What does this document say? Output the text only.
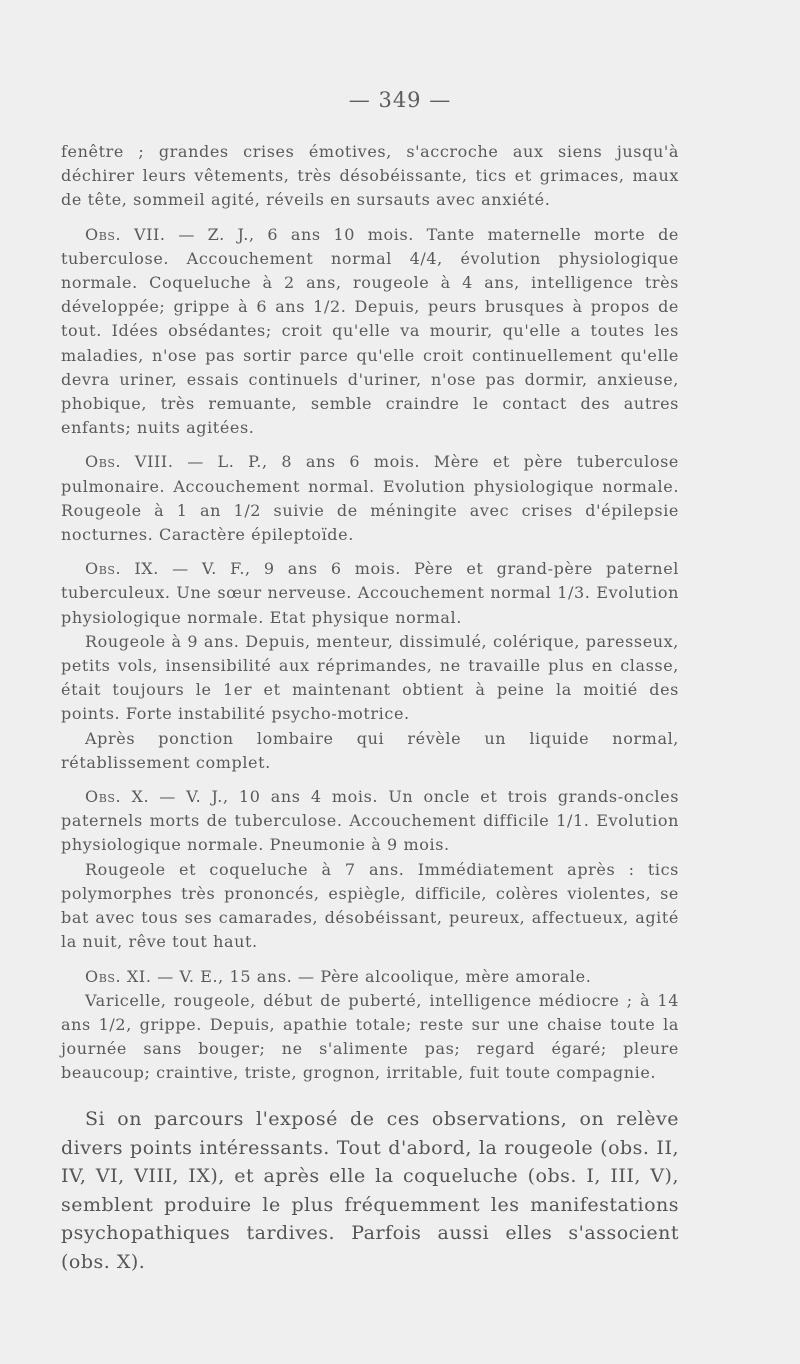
— 349 —

fenêtre ; grandes crises émotives, s'accroche aux siens jusqu'à déchirer leurs vêtements, très désobéissante, tics et grimaces, maux de tête, sommeil agité, réveils en sursauts avec anxiété.

Obs. VII. — Z. J., 6 ans 10 mois. Tante maternelle morte de tuberculose. Accouchement normal 4/4, évolution physiologique normale. Coqueluche à 2 ans, rougeole à 4 ans, intelligence très développée; grippe à 6 ans 1/2. Depuis, peurs brusques à propos de tout. Idées obsédantes; croit qu'elle va mourir, qu'elle a toutes les maladies, n'ose pas sortir parce qu'elle croit continuellement qu'elle devra uriner, essais continuels d'uriner, n'ose pas dormir, anxieuse, phobique, très remuante, semble craindre le contact des autres enfants; nuits agitées.

Obs. VIII. — L. P., 8 ans 6 mois. Mère et père tuberculose pulmonaire. Accouchement normal. Evolution physiologique normale. Rougeole à 1 an 1/2 suivie de méningite avec crises d'épilepsie nocturnes. Caractère épileptoïde.

Obs. IX. — V. F., 9 ans 6 mois. Père et grand-père paternel tuberculeux. Une sœur nerveuse. Accouchement normal 1/3. Evolution physiologique normale. Etat physique normal.

Rougeole à 9 ans. Depuis, menteur, dissimulé, colérique, paresseux, petits vols, insensibilité aux réprimandes, ne travaille plus en classe, était toujours le 1er et maintenant obtient à peine la moitié des points. Forte instabilité psycho-motrice.

Après ponction lombaire qui révèle un liquide normal, rétablissement complet.

Obs. X. — V. J., 10 ans 4 mois. Un oncle et trois grands-oncles paternels morts de tuberculose. Accouchement difficile 1/1. Evolution physiologique normale. Pneumonie à 9 mois.

Rougeole et coqueluche à 7 ans. Immédiatement après : tics polymorphes très prononcés, espiègle, difficile, colères violentes, se bat avec tous ses camarades, désobéissant, peureux, affectueux, agité la nuit, rêve tout haut.

Obs. XI. — V. E., 15 ans. — Père alcoolique, mère amorale.

Varicelle, rougeole, début de puberté, intelligence médiocre ; à 14 ans 1/2, grippe. Depuis, apathie totale; reste sur une chaise toute la journée sans bouger; ne s'alimente pas; regard égaré; pleure beaucoup; craintive, triste, grognon, irritable, fuit toute compagnie.

Si on parcours l'exposé de ces observations, on relève divers points intéressants. Tout d'abord, la rougeole (obs. II, IV, VI, VIII, IX), et après elle la coqueluche (obs. I, III, V), semblent produire le plus fréquemment les manifestations psychopathiques tardives. Parfois aussi elles s'associent (obs. X).
